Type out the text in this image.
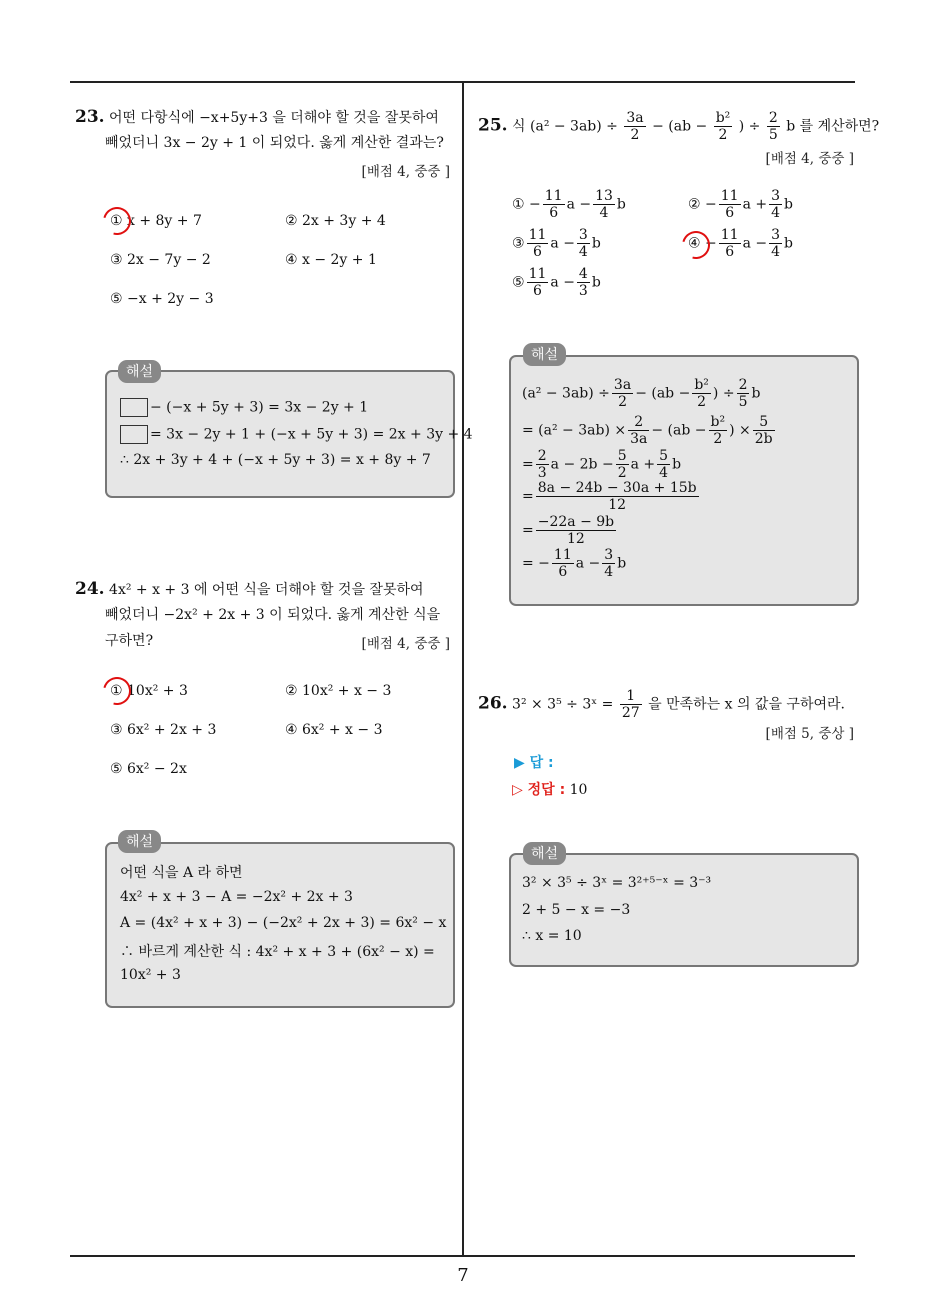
23. 어떤 다항식에 −x+5y+3 을 더해야 할 것을 잘못하여
빼었더니 3x − 2y + 1 이 되었다. 옳게 계산한 결과는?
[배점 4, 중중 ]
① x + 8y + 7	② 2x + 3y + 4
③ 2x − 7y − 2	④ x − 2y + 1
⑤ −x + 2y − 3
해설
− (−x + 5y + 3) = 3x − 2y + 1
= 3x − 2y + 1 + (−x + 5y + 3) = 2x + 3y + 4
∴ 2x + 3y + 4 + (−x + 5y + 3) = x + 8y + 7
24. 4x² + x + 3 에 어떤 식을 더해야 할 것을 잘못하여
빼었더니 −2x² + 2x + 3 이 되었다. 옳게 계산한 식을
구하면?	[배점 4, 중중 ]
① 10x² + 3	② 10x² + x − 3
③ 6x² + 2x + 3	④ 6x² + x − 3
⑤ 6x² − 2x
해설
어떤 식을 A 라 하면
4x² + x + 3 − A = −2x² + 2x + 3
A = (4x² + x + 3) − (−2x² + 2x + 3) = 6x² − x
∴ 바르게 계산한 식 : 4x² + x + 3 + (6x² − x) =
10x² + 3
25. 식 $(a^2 - 3ab) \div \frac{3a}{2} - (ab - \frac{\text{b²}}{2}$ ) ÷ $\frac{2}{5}$ b 를 계산하면?
[배점 4, 중중 ]
① − $\frac{11}{6}$ $a - \frac{13}{4}$ b	② − $\frac{11}{6}$ $a + \frac{3}{4}$ b
③ $\frac{11}{6}$ $a - \frac{3}{4}$ b	④ − $\frac{11}{6}$ $a - \frac{3}{4}$ b
⑤ $\frac{11}{6}$ $a - \frac{4}{3}$ b
해설
$(a^2 - 3ab) \div \frac{3a}{2} - (ab - \frac{\text{b²}}{2}$ ) ÷ $\frac{2}{5}$ b
= $(a^2 - 3ab) \times \frac{2}{3a} - (ab - \frac{\text{b²}}{2}$ ) × $\frac{5}{2b}$
= $\frac{2}{3}$ $a - 2b - \frac{5}{2}$ $a + \frac{5}{4}$ b
= $\frac{8a - 24b - 30a + 15b}{12}$
= $\frac{-22a - 9b}{12}$
= − $\frac{11}{6}$ $a - \frac{3}{4}$ b
26. 3² × 3⁵ ÷ 3ˣ = $\frac{1}{27}$ 을 만족하는 x 의 값을 구하여라.
[배점 5, 중상 ]
▶ 답 :
▷ 정답 : 10
해설
3² × 3⁵ ÷ 3ˣ = 3²⁺⁵⁻ˣ = 3⁻³
2 + 5 − x = −3
∴ x = 10
7
